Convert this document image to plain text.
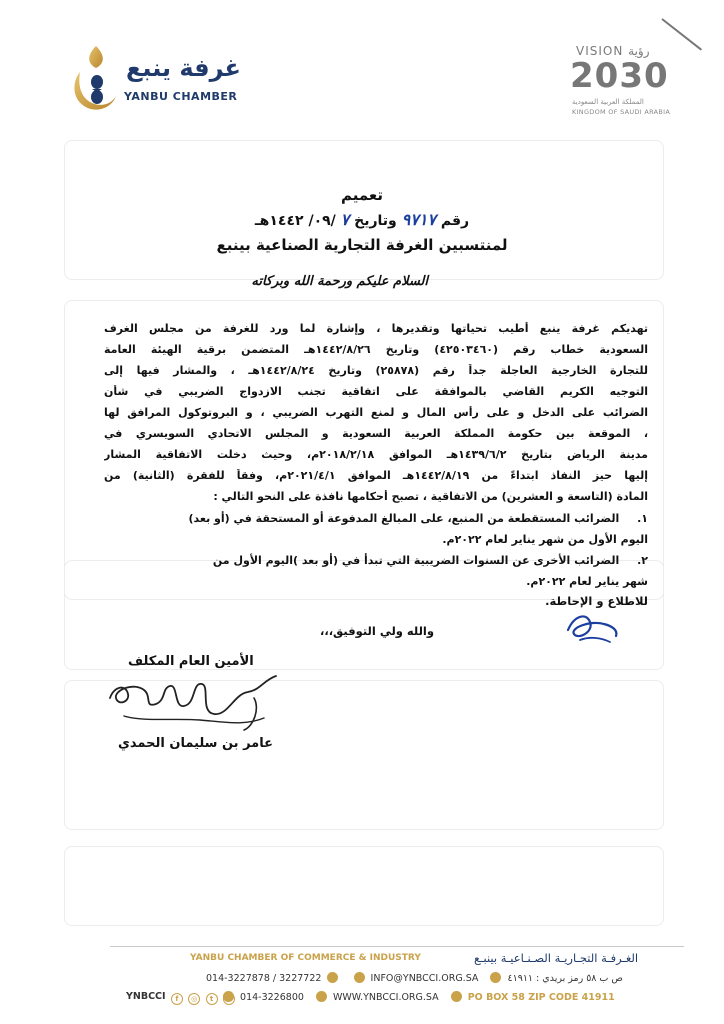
غرفة ينبع
YANBU CHAMBER
VISION رؤية
2030
المملكة العربية السعودية
KINGDOM OF SAUDI ARABIA
تعميم
رقم ٩٧١٧ وتاريخ ٧ /٠٩/ ١٤٤٢هـ
لمنتسبين الغرفة التجارية الصناعية بينبع
السلام عليكم ورحمة الله وبركاته
تهديكم غرفة ينبع أطيب تحياتها وتقديرها ، وإشارة لما ورد للغرفة من مجلس الغرف
السعودية خطاب رقم (٤٢٥٠٣٤٦٠) وتاريخ ١٤٤٢/٨/٢٦هـ المتضمن برقية الهيئة العامة
للتجارة الخارجية العاجلة جداً رقم (٢٥٨٧٨) وتاريخ ١٤٤٢/٨/٢٤هـ ، والمشار فيها إلى
التوجيه الكريم القاضي بالموافقة على اتفاقية تجنب الازدواج الضريبي في شأن
الضرائب على الدخل و على رأس المال و لمنع التهرب الضريبي ، و البروتوكول المرافق لها
، الموقعة بين حكومة المملكة العربية السعودية و المجلس الاتحادي السويسري في
مدينة الرياض بتاريخ ١٤٣٩/٦/٢هـ الموافق ٢٠١٨/٢/١٨م، وحيث دخلت الاتفاقية المشار
إليها حيز النفاذ ابتداءً من ١٤٤٢/٨/١٩هـ الموافق ٢٠٢١/٤/١م، وفقاً للفقرة (الثانية) من
المادة (التاسعة و العشرين) من الاتفاقية ، تصبح أحكامها نافذة على النحو التالي :
١. الضرائب المستقطعة من المنبع، على المبالغ المدفوعة أو المستحقة في (أو بعد)
اليوم الأول من شهر يناير لعام ٢٠٢٢م.
٢. الضرائب الأخرى عن السنوات الضريبية التي تبدأ في (أو بعد )اليوم الأول من
شهر يناير لعام ٢٠٢٢م.
للاطلاع و الإحاطة.
والله ولي التوفيق،،،
الأمين العام المكلف
عامر بن سليمان الحمدي
YANBU CHAMBER OF COMMERCE & INDUSTRY	الغـرفـة التجـاريـة الصـنـاعيـة بينبـع
014-3227878 / 3227722	INFO@YNBCCI.ORG.SA	ص ب ٥٨ رمز بريدي : ٤١٩١١
YNBCCI f ◎ t	014-3226800	WWW.YNBCCI.ORG.SA	PO BOX 58 ZIP CODE 41911
